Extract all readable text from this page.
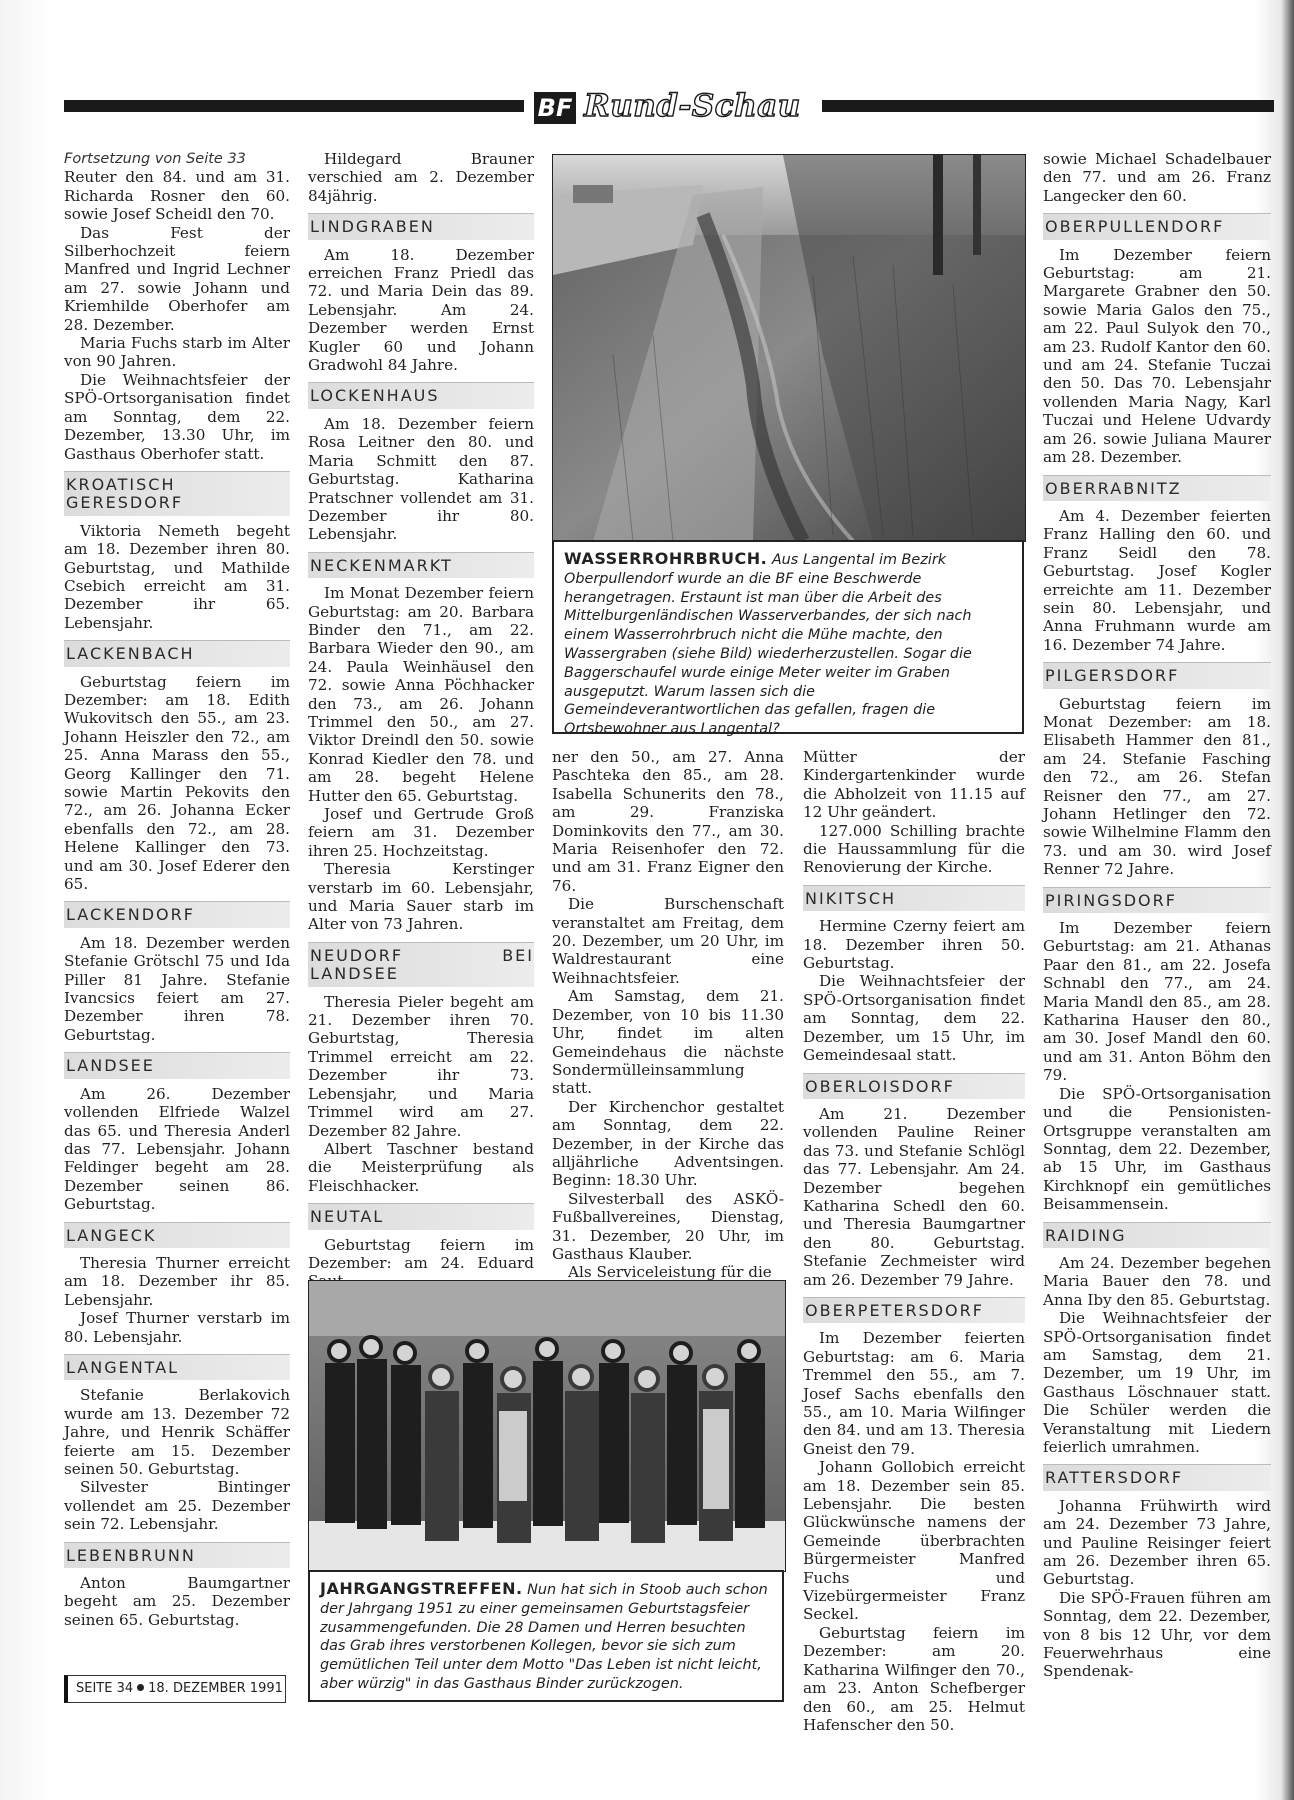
BF Rund-Schau

Fortsetzung von Seite 33

Reuter den 84. und am 31. Richarda Rosner den 60. sowie Josef Scheidl den 70.

Das Fest der Silberhochzeit feiern Manfred und Ingrid Lechner am 27. sowie Johann und Kriemhilde Oberhofer am 28. Dezember.

Maria Fuchs starb im Alter von 90 Jahren.

Die Weihnachtsfeier der SPÖ-Ortsorganisation findet am Sonntag, dem 22. Dezember, 13.30 Uhr, im Gasthaus Oberhofer statt.

KROATISCH GERESDORF

Viktoria Nemeth begeht am 18. Dezember ihren 80. Geburtstag, und Mathilde Csebich erreicht am 31. Dezember ihr 65. Lebensjahr.

LACKENBACH

Geburtstag feiern im Dezember: am 18. Edith Wukovitsch den 55., am 23. Johann Heiszler den 72., am 25. Anna Marass den 55., Georg Kallinger den 71. sowie Martin Pekovits den 72., am 26. Johanna Ecker ebenfalls den 72., am 28. Helene Kallinger den 73. und am 30. Josef Ederer den 65.

LACKENDORF

Am 18. Dezember werden Stefanie Grötschl 75 und Ida Piller 81 Jahre. Stefanie Ivancsics feiert am 27. Dezember ihren 78. Geburtstag.

LANDSEE

Am 26. Dezember vollenden Elfriede Walzel das 65. und Theresia Anderl das 77. Lebensjahr. Johann Feldinger begeht am 28. Dezember seinen 86. Geburtstag.

LANGECK

Theresia Thurner erreicht am 18. Dezember ihr 85. Lebensjahr.

Josef Thurner verstarb im 80. Lebensjahr.

LANGENTAL

Stefanie Berlakovich wurde am 13. Dezember 72 Jahre, und Henrik Schäffer feierte am 15. Dezember seinen 50. Geburtstag.

Silvester Bintinger vollendet am 25. Dezember sein 72. Lebensjahr.

LEBENBRUNN

Anton Baumgartner begeht am 25. Dezember seinen 65. Geburtstag.

Hildegard Brauner verschied am 2. Dezember 84jährig.

LINDGRABEN

Am 18. Dezember erreichen Franz Priedl das 72. und Maria Dein das 89. Lebensjahr. Am 24. Dezember werden Ernst Kugler 60 und Johann Gradwohl 84 Jahre.

LOCKENHAUS

Am 18. Dezember feiern Rosa Leitner den 80. und Maria Schmitt den 87. Geburtstag. Katharina Pratschner vollendet am 31. Dezember ihr 80. Lebensjahr.

NECKENMARKT

Im Monat Dezember feiern Geburtstag: am 20. Barbara Binder den 71., am 22. Barbara Wieder den 90., am 24. Paula Weinhäusel den 72. sowie Anna Pöchhacker den 73., am 26. Johann Trimmel den 50., am 27. Viktor Dreindl den 50. sowie Konrad Kiedler den 78. und am 28. begeht Helene Hutter den 65. Geburtstag.

Josef und Gertrude Groß feiern am 31. Dezember ihren 25. Hochzeitstag.

Theresia Kerstinger verstarb im 60. Lebensjahr, und Maria Sauer starb im Alter von 73 Jahren.

NEUDORF BEI LANDSEE

Theresia Pieler begeht am 21. Dezember ihren 70. Geburtstag, Theresia Trimmel erreicht am 22. Dezember ihr 73. Lebensjahr, und Maria Trimmel wird am 27. Dezember 82 Jahre.

Albert Taschner bestand die Meisterprüfung als Fleischhacker.

NEUTAL

Geburtstag feiern im Dezember: am 24. Eduard

WASSERROHRBRUCH. Aus Langental im Bezirk Oberpullendorf wurde an die BF eine Beschwerde herangetragen. Erstaunt ist man über die Arbeit des Mittelburgenländischen Wasserverbandes, der sich nach einem Wasserrohrbruch nicht die Mühe machte, den Wassergraben (siehe Bild) wiederherzustellen. Sogar die Baggerschaufel wurde einige Meter weiter im Graben ausgeputzt. Warum lassen sich die Gemeindeverantwortlichen das gefallen, fragen die Ortsbewohner aus Langental?

ner den 50., am 27. Anna Paschteka den 85., am 28. Isabella Schunerits den 78., am 29. Franziska Dominkovits den 77., am 30. Maria Reisenhofer den 72. und am 31. Franz Eigner den 76.

Die Burschenschaft veranstaltet am Freitag, dem 20. Dezember, um 20 Uhr, im Waldrestaurant eine Weihnachtsfeier.

Am Samstag, dem 21. Dezember, von 10 bis 11.30 Uhr, findet im alten Gemeindehaus die nächste Sondermülleinsammlung statt.

Der Kirchenchor gestaltet am Sonntag, dem 22. Dezember, in der Kirche das alljährliche Adventsingen. Beginn: 18.30 Uhr.

Silvesterball des ASKÖ-Fußballvereines, Dienstag, 31. Dezember, 20 Uhr, im Gasthaus Klauber.

Als Serviceleistung für die

Mütter der Kindergartenkinder wurde die Abholzeit von 11.15 auf 12 Uhr geändert.

127.000 Schilling brachte die Haussammlung für die Renovierung der Kirche.

NIKITSCH

Hermine Czerny feiert am 18. Dezember ihren 50. Geburtstag.

Die Weihnachtsfeier der SPÖ-Ortsorganisation findet am Sonntag, dem 22. Dezember, um 15 Uhr, im Gemeindesaal statt.

OBERLOISDORF

Am 21. Dezember vollenden Pauline Reiner das 73. und Stefanie Schlögl das 77. Lebensjahr. Am 24. Dezember begehen Katharina Schedl den 60. und Theresia Baumgartner den 80. Geburtstag. Stefanie Zechmeister wird am 26. Dezember 79 Jahre.

OBERPETERSDORF

Im Dezember feierten Geburtstag: am 6. Maria Tremmel den 55., am 7. Josef Sachs ebenfalls den 55., am 10. Maria Wilfinger den 84. und am 13. Theresia Gneist den 79.

Johann Gollobich erreicht am 18. Dezember sein 85. Lebensjahr. Die besten Glückwünsche namens der Gemeinde überbrachten Bürgermeister Manfred Fuchs und Vizebürgermeister Franz Seckel.

Geburtstag feiern im Dezember: am 20. Katharina Wilfinger den 70., am 23. Anton Schefberger den 60., am 25. Helmut Hafenscher den 50.

sowie Michael Schadelbauer den 77. und am 26. Franz Langecker den 60.

OBERPULLENDORF

Im Dezember feiern Geburtstag: am 21. Margarete Grabner den 50. sowie Maria Galos den 75., am 22. Paul Sulyok den 70., am 23. Rudolf Kantor den 60. und am 24. Stefanie Tuczai den 50. Das 70. Lebensjahr vollenden Maria Nagy, Karl Tuczai und Helene Udvardy am 26. sowie Juliana Maurer am 28. Dezember.

OBERRABNITZ

Am 4. Dezember feierten Franz Halling den 60. und Franz Seidl den 78. Geburtstag. Josef Kogler erreichte am 11. Dezember sein 80. Lebensjahr, und Anna Fruhmann wurde am 16. Dezember 74 Jahre.

PILGERSDORF

Geburtstag feiern im Monat Dezember: am 18. Elisabeth Hammer den 81., am 24. Stefanie Fasching den 72., am 26. Stefan Reisner den 77., am 27. Johann Hetlinger den 72. sowie Wilhelmine Flamm den 73. und am 30. wird Josef Renner 72 Jahre.

PIRINGSDORF

Im Dezember feiern Geburtstag: am 21. Athanas Paar den 81., am 22. Josefa Schnabl den 77., am 24. Maria Mandl den 85., am 28. Katharina Hauser den 80., am 30. Josef Mandl den 60. und am 31. Anton Böhm den 79.

Die SPÖ-Ortsorganisation und die Pensionisten-Ortsgruppe veranstalten am Sonntag, dem 22. Dezember, ab 15 Uhr, im Gasthaus Kirchknopf ein gemütliches Beisammensein.

RAIDING

Am 24. Dezember begehen Maria Bauer den 78. und Anna Iby den 85. Geburtstag.

Die Weihnachtsfeier der SPÖ-Ortsorganisation findet am Samstag, dem 21. Dezember, um 19 Uhr, im Gasthaus Löschnauer statt. Die Schüler werden die Veranstaltung mit Liedern feierlich umrahmen.

RATTERSDORF

Johanna Frühwirth wird am 24. Dezember 73 Jahre, und Pauline Reisinger feiert am 26. Dezember ihren 65. Geburtstag.

Die SPÖ-Frauen führen am Sonntag, dem 22. Dezember, von 8 bis 12 Uhr, vor dem Feuerwehrhaus eine Spendenak-

JAHRGANGSTREFFEN. Nun hat sich in Stoob auch schon der Jahrgang 1951 zu einer gemeinsamen Geburtstagsfeier zusammengefunden. Die 28 Damen und Herren besuchten das Grab ihres verstorbenen Kollegen, bevor sie sich zum gemütlichen Teil unter dem Motto "Das Leben ist nicht leicht, aber würzig" in das Gasthaus Binder zurückzogen.
SEITE 34 18. DEZEMBER 1991
